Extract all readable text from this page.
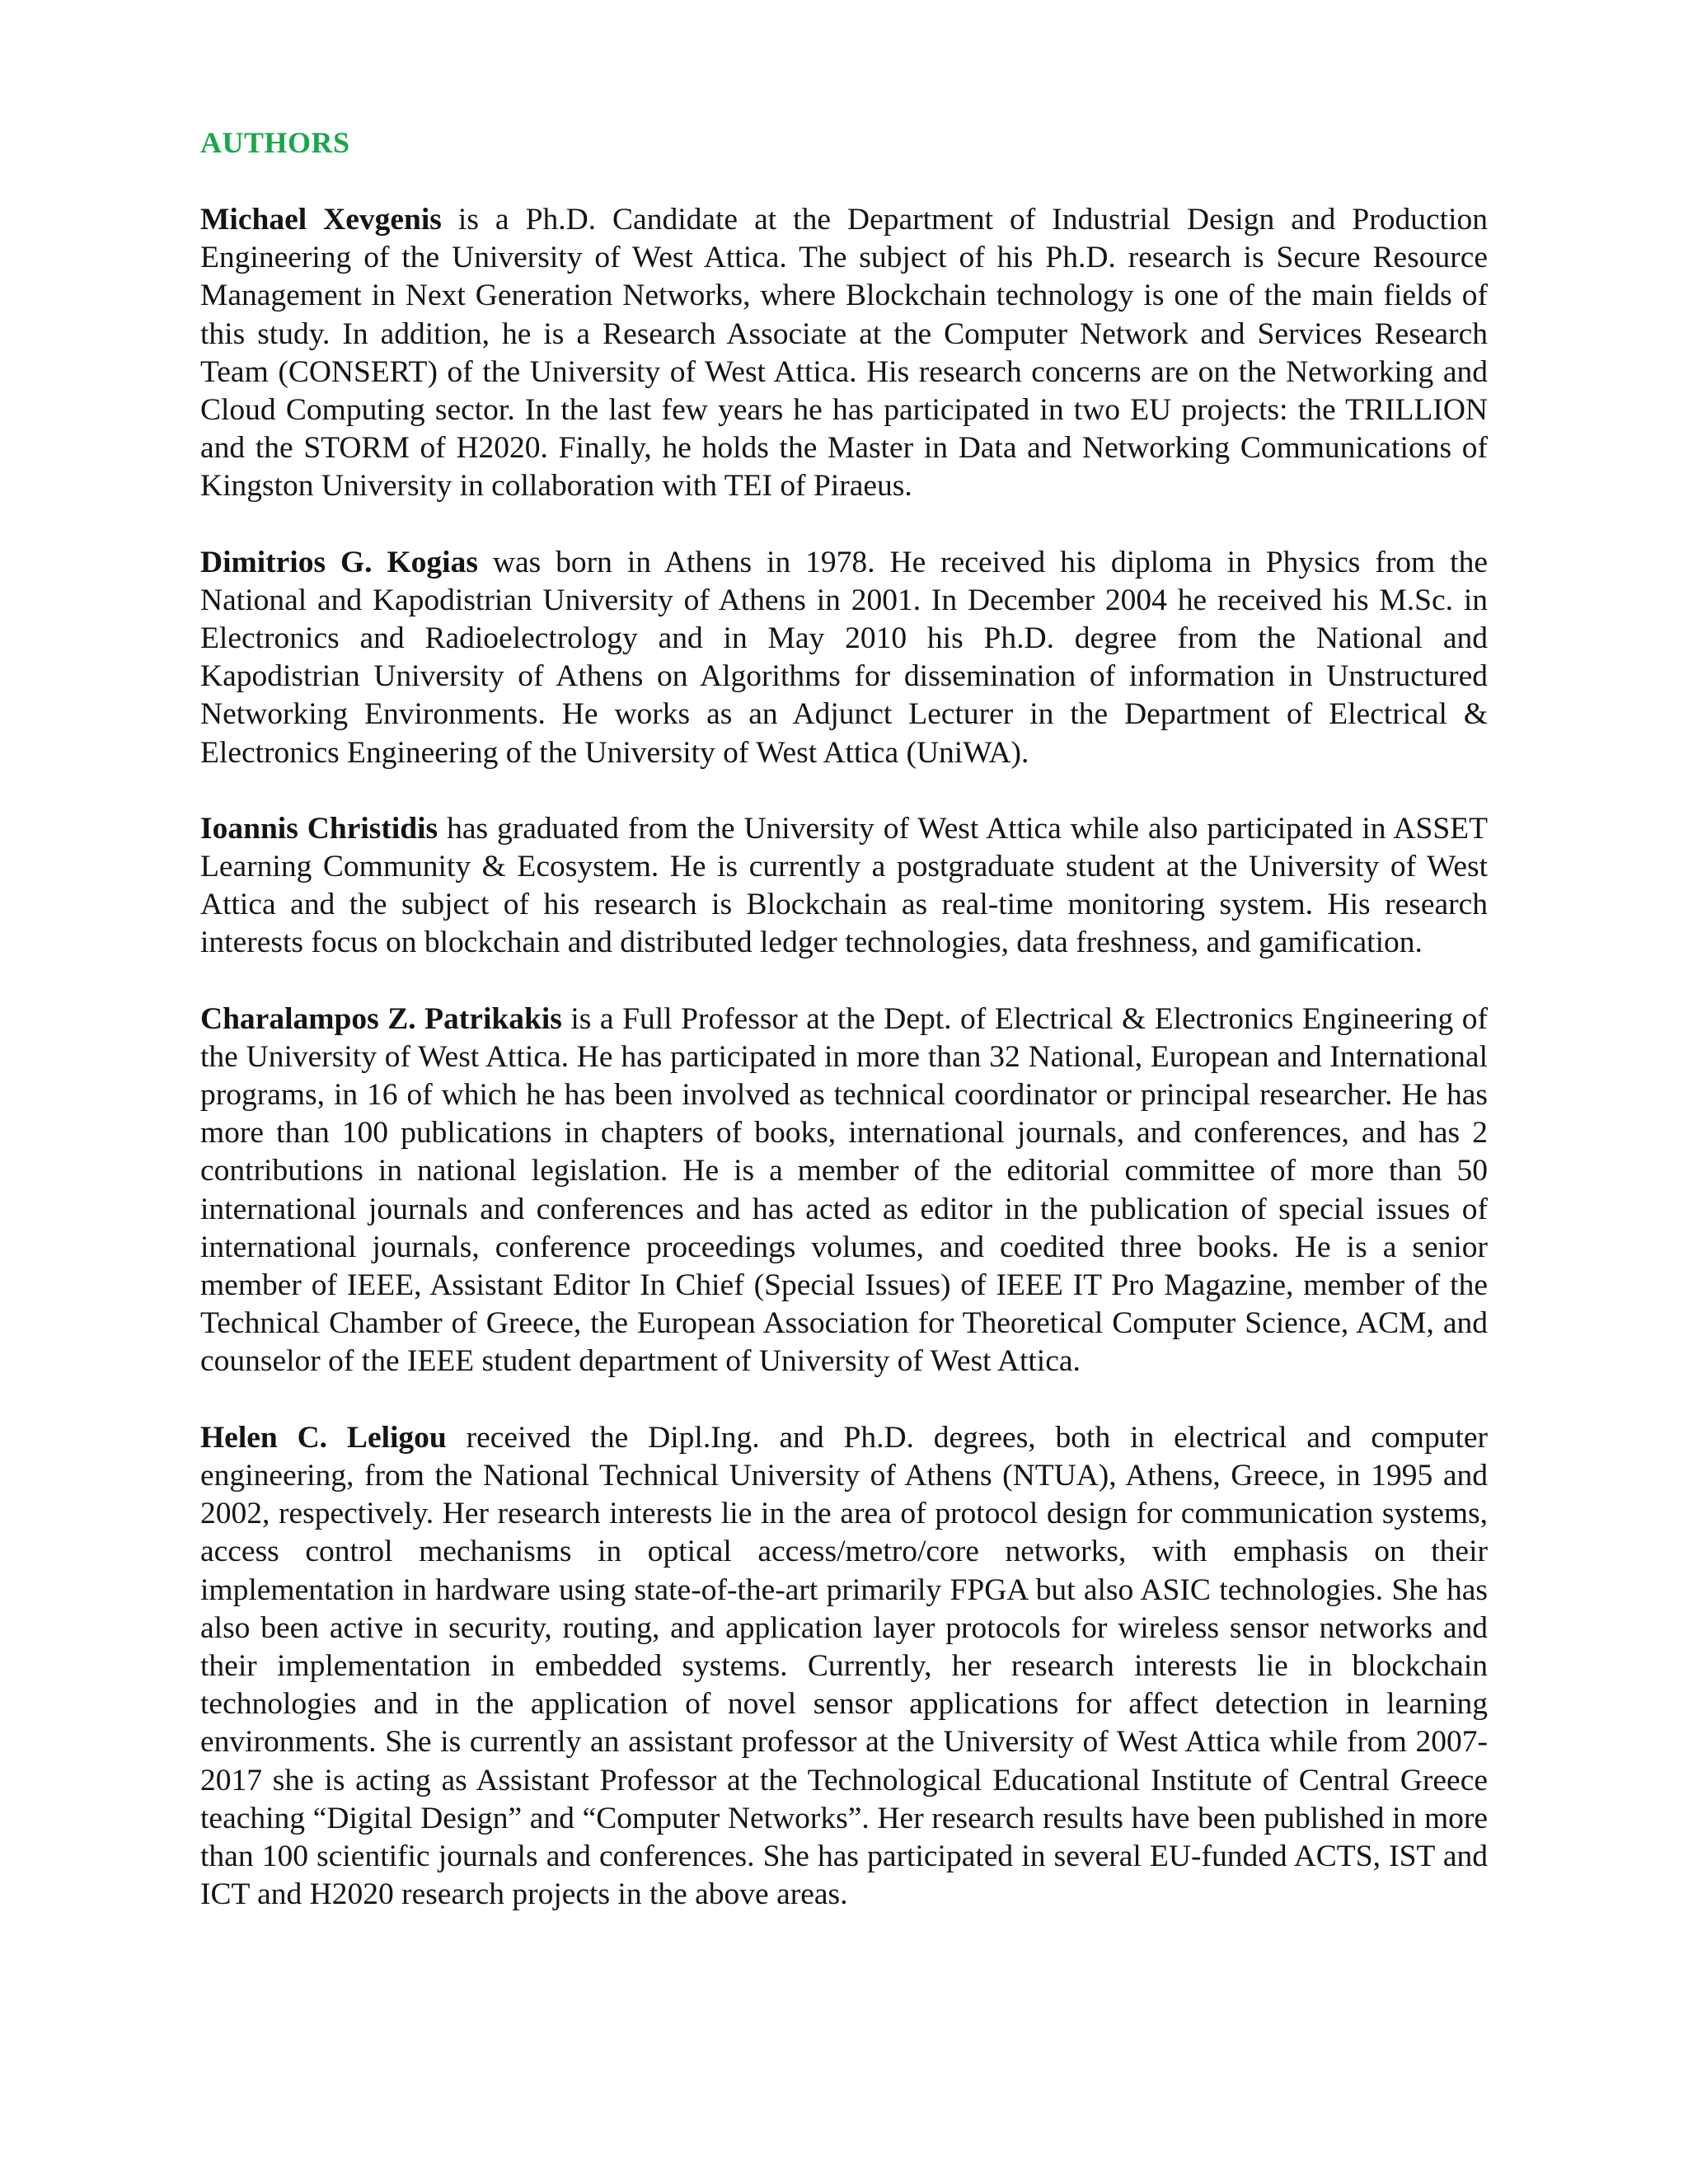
AUTHORS

Michael Xevgenis is a Ph.D. Candidate at the Department of Industrial Design and Production Engineering of the University of West Attica. The subject of his Ph.D. research is Secure Resource Management in Next Generation Networks, where Blockchain technology is one of the main fields of this study. In addition, he is a Research Associate at the Computer Network and Services Research Team (CONSERT) of the University of West Attica. His research concerns are on the Networking and Cloud Computing sector. In the last few years he has participated in two EU projects: the TRILLION and the STORM of H2020. Finally, he holds the Master in Data and Networking Communications of Kingston University in collaboration with TEI of Piraeus.

Dimitrios G. Kogias was born in Athens in 1978. He received his diploma in Physics from the National and Kapodistrian University of Athens in 2001. In December 2004 he received his M.Sc. in Electronics and Radioelectrology and in May 2010 his Ph.D. degree from the National and Kapodistrian University of Athens on Algorithms for dissemination of information in Unstructured Networking Environments. He works as an Adjunct Lecturer in the Department of Electrical & Electronics Engineering of the University of West Attica (UniWA).

Ioannis Christidis has graduated from the University of West Attica while also participated in ASSET Learning Community & Ecosystem. He is currently a postgraduate student at the University of West Attica and the subject of his research is Blockchain as real-time monitoring system. His research interests focus on blockchain and distributed ledger technologies, data freshness, and gamification.

Charalampos Z. Patrikakis is a Full Professor at the Dept. of Electrical & Electronics Engineering of the University of West Attica. He has participated in more than 32 National, European and International programs, in 16 of which he has been involved as technical coordinator or principal researcher. He has more than 100 publications in chapters of books, international journals, and conferences, and has 2 contributions in national legislation. He is a member of the editorial committee of more than 50 international journals and conferences and has acted as editor in the publication of special issues of international journals, conference proceedings volumes, and coedited three books. He is a senior member of IEEE, Assistant Editor In Chief (Special Issues) of IEEE IT Pro Magazine, member of the Technical Chamber of Greece, the European Association for Theoretical Computer Science, ACM, and counselor of the IEEE student department of University of West Attica.

Helen C. Leligou received the Dipl.Ing. and Ph.D. degrees, both in electrical and computer engineering, from the National Technical University of Athens (NTUA), Athens, Greece, in 1995 and 2002, respectively. Her research interests lie in the area of protocol design for communication systems, access control mechanisms in optical access/metro/core networks, with emphasis on their implementation in hardware using state-of-the-art primarily FPGA but also ASIC technologies. She has also been active in security, routing, and application layer protocols for wireless sensor networks and their implementation in embedded systems. Currently, her research interests lie in blockchain technologies and in the application of novel sensor applications for affect detection in learning environments. She is currently an assistant professor at the University of West Attica while from 2007-2017 she is acting as Assistant Professor at the Technological Educational Institute of Central Greece teaching “Digital Design” and “Computer Networks”. Her research results have been published in more than 100 scientific journals and conferences. She has participated in several EU-funded ACTS, IST and ICT and H2020 research projects in the above areas.
